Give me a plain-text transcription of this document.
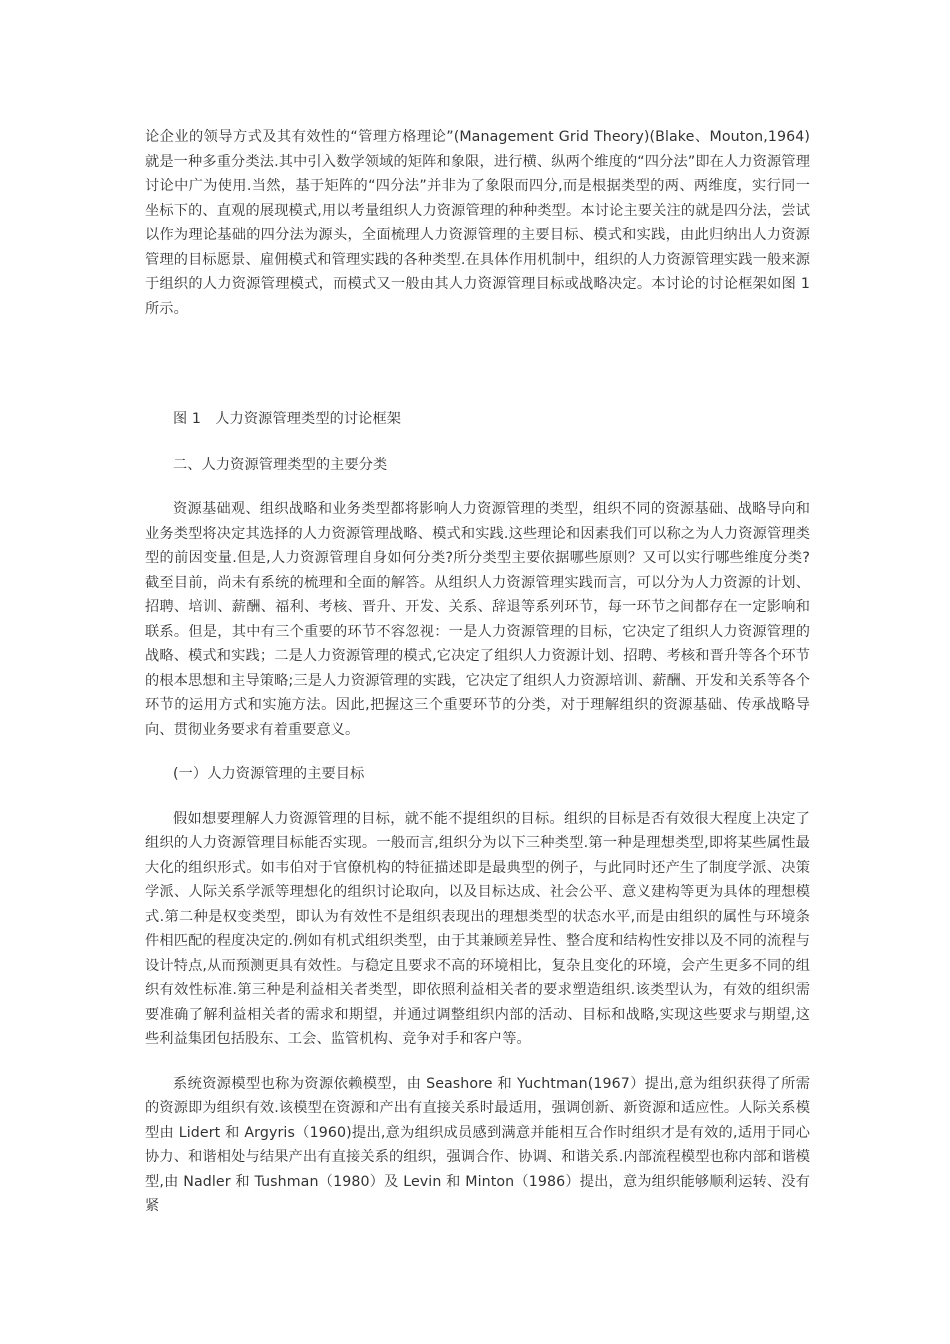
论企业的领导方式及其有效性的“管理方格理论”(Management Grid Theory)(Blake、Mouton,1964)就是一种多重分类法.其中引入数学领域的矩阵和象限，进行横、纵两个维度的“四分法”即在人力资源管理讨论中广为使用.当然，基于矩阵的“四分法”并非为了象限而四分,而是根据类型的两、两维度，实行同一坐标下的、直观的展现模式,用以考量组织人力资源管理的种种类型。本讨论主要关注的就是四分法，尝试以作为理论基础的四分法为源头，全面梳理人力资源管理的主要目标、模式和实践，由此归纳出人力资源管理的目标愿景、雇佣模式和管理实践的各种类型.在具体作用机制中，组织的人力资源管理实践一般来源于组织的人力资源管理模式，而模式又一般由其人力资源管理目标或战略决定。本讨论的讨论框架如图 1 所示。

图 1　人力资源管理类型的讨论框架

二、人力资源管理类型的主要分类

资源基础观、组织战略和业务类型都将影响人力资源管理的类型，组织不同的资源基础、战略导向和业务类型将决定其选择的人力资源管理战略、模式和实践.这些理论和因素我们可以称之为人力资源管理类型的前因变量.但是,人力资源管理自身如何分类?所分类型主要依据哪些原则？又可以实行哪些维度分类?截至目前，尚未有系统的梳理和全面的解答。从组织人力资源管理实践而言，可以分为人力资源的计划、招聘、培训、薪酬、福利、考核、晋升、开发、关系、辞退等系列环节，每一环节之间都存在一定影响和联系。但是，其中有三个重要的环节不容忽视：一是人力资源管理的目标，它决定了组织人力资源管理的战略、模式和实践；二是人力资源管理的模式,它决定了组织人力资源计划、招聘、考核和晋升等各个环节的根本思想和主导策略;三是人力资源管理的实践，它决定了组织人力资源培训、薪酬、开发和关系等各个环节的运用方式和实施方法。因此,把握这三个重要环节的分类，对于理解组织的资源基础、传承战略导向、贯彻业务要求有着重要意义。

(一）人力资源管理的主要目标

假如想要理解人力资源管理的目标，就不能不提组织的目标。组织的目标是否有效很大程度上决定了组织的人力资源管理目标能否实现。一般而言,组织分为以下三种类型.第一种是理想类型,即将某些属性最大化的组织形式。如韦伯对于官僚机构的特征描述即是最典型的例子，与此同时还产生了制度学派、决策学派、人际关系学派等理想化的组织讨论取向，以及目标达成、社会公平、意义建构等更为具体的理想模式.第二种是权变类型，即认为有效性不是组织表现出的理想类型的状态水平,而是由组织的属性与环境条件相匹配的程度决定的.例如有机式组织类型，由于其兼顾差异性、整合度和结构性安排以及不同的流程与设计特点,从而预测更具有效性。与稳定且要求不高的环境相比，复杂且变化的环境，会产生更多不同的组织有效性标准.第三种是利益相关者类型，即依照利益相关者的要求塑造组织.该类型认为，有效的组织需要准确了解利益相关者的需求和期望，并通过调整组织内部的活动、目标和战略,实现这些要求与期望,这些利益集团包括股东、工会、监管机构、竞争对手和客户等。

系统资源模型也称为资源依赖模型，由 Seashore 和 Yuchtman(1967）提出,意为组织获得了所需的资源即为组织有效.该模型在资源和产出有直接关系时最适用，强调创新、新资源和适应性。人际关系模型由 Lidert 和 Argyris（1960)提出,意为组织成员感到满意并能相互合作时组织才是有效的,适用于同心协力、和谐相处与结果产出有直接关系的组织，强调合作、协调、和谐关系.内部流程模型也称内部和谐模型,由 Nadler 和 Tushman（1980）及 Levin 和 Minton（1986）提出，意为组织能够顺利运转、没有紧
